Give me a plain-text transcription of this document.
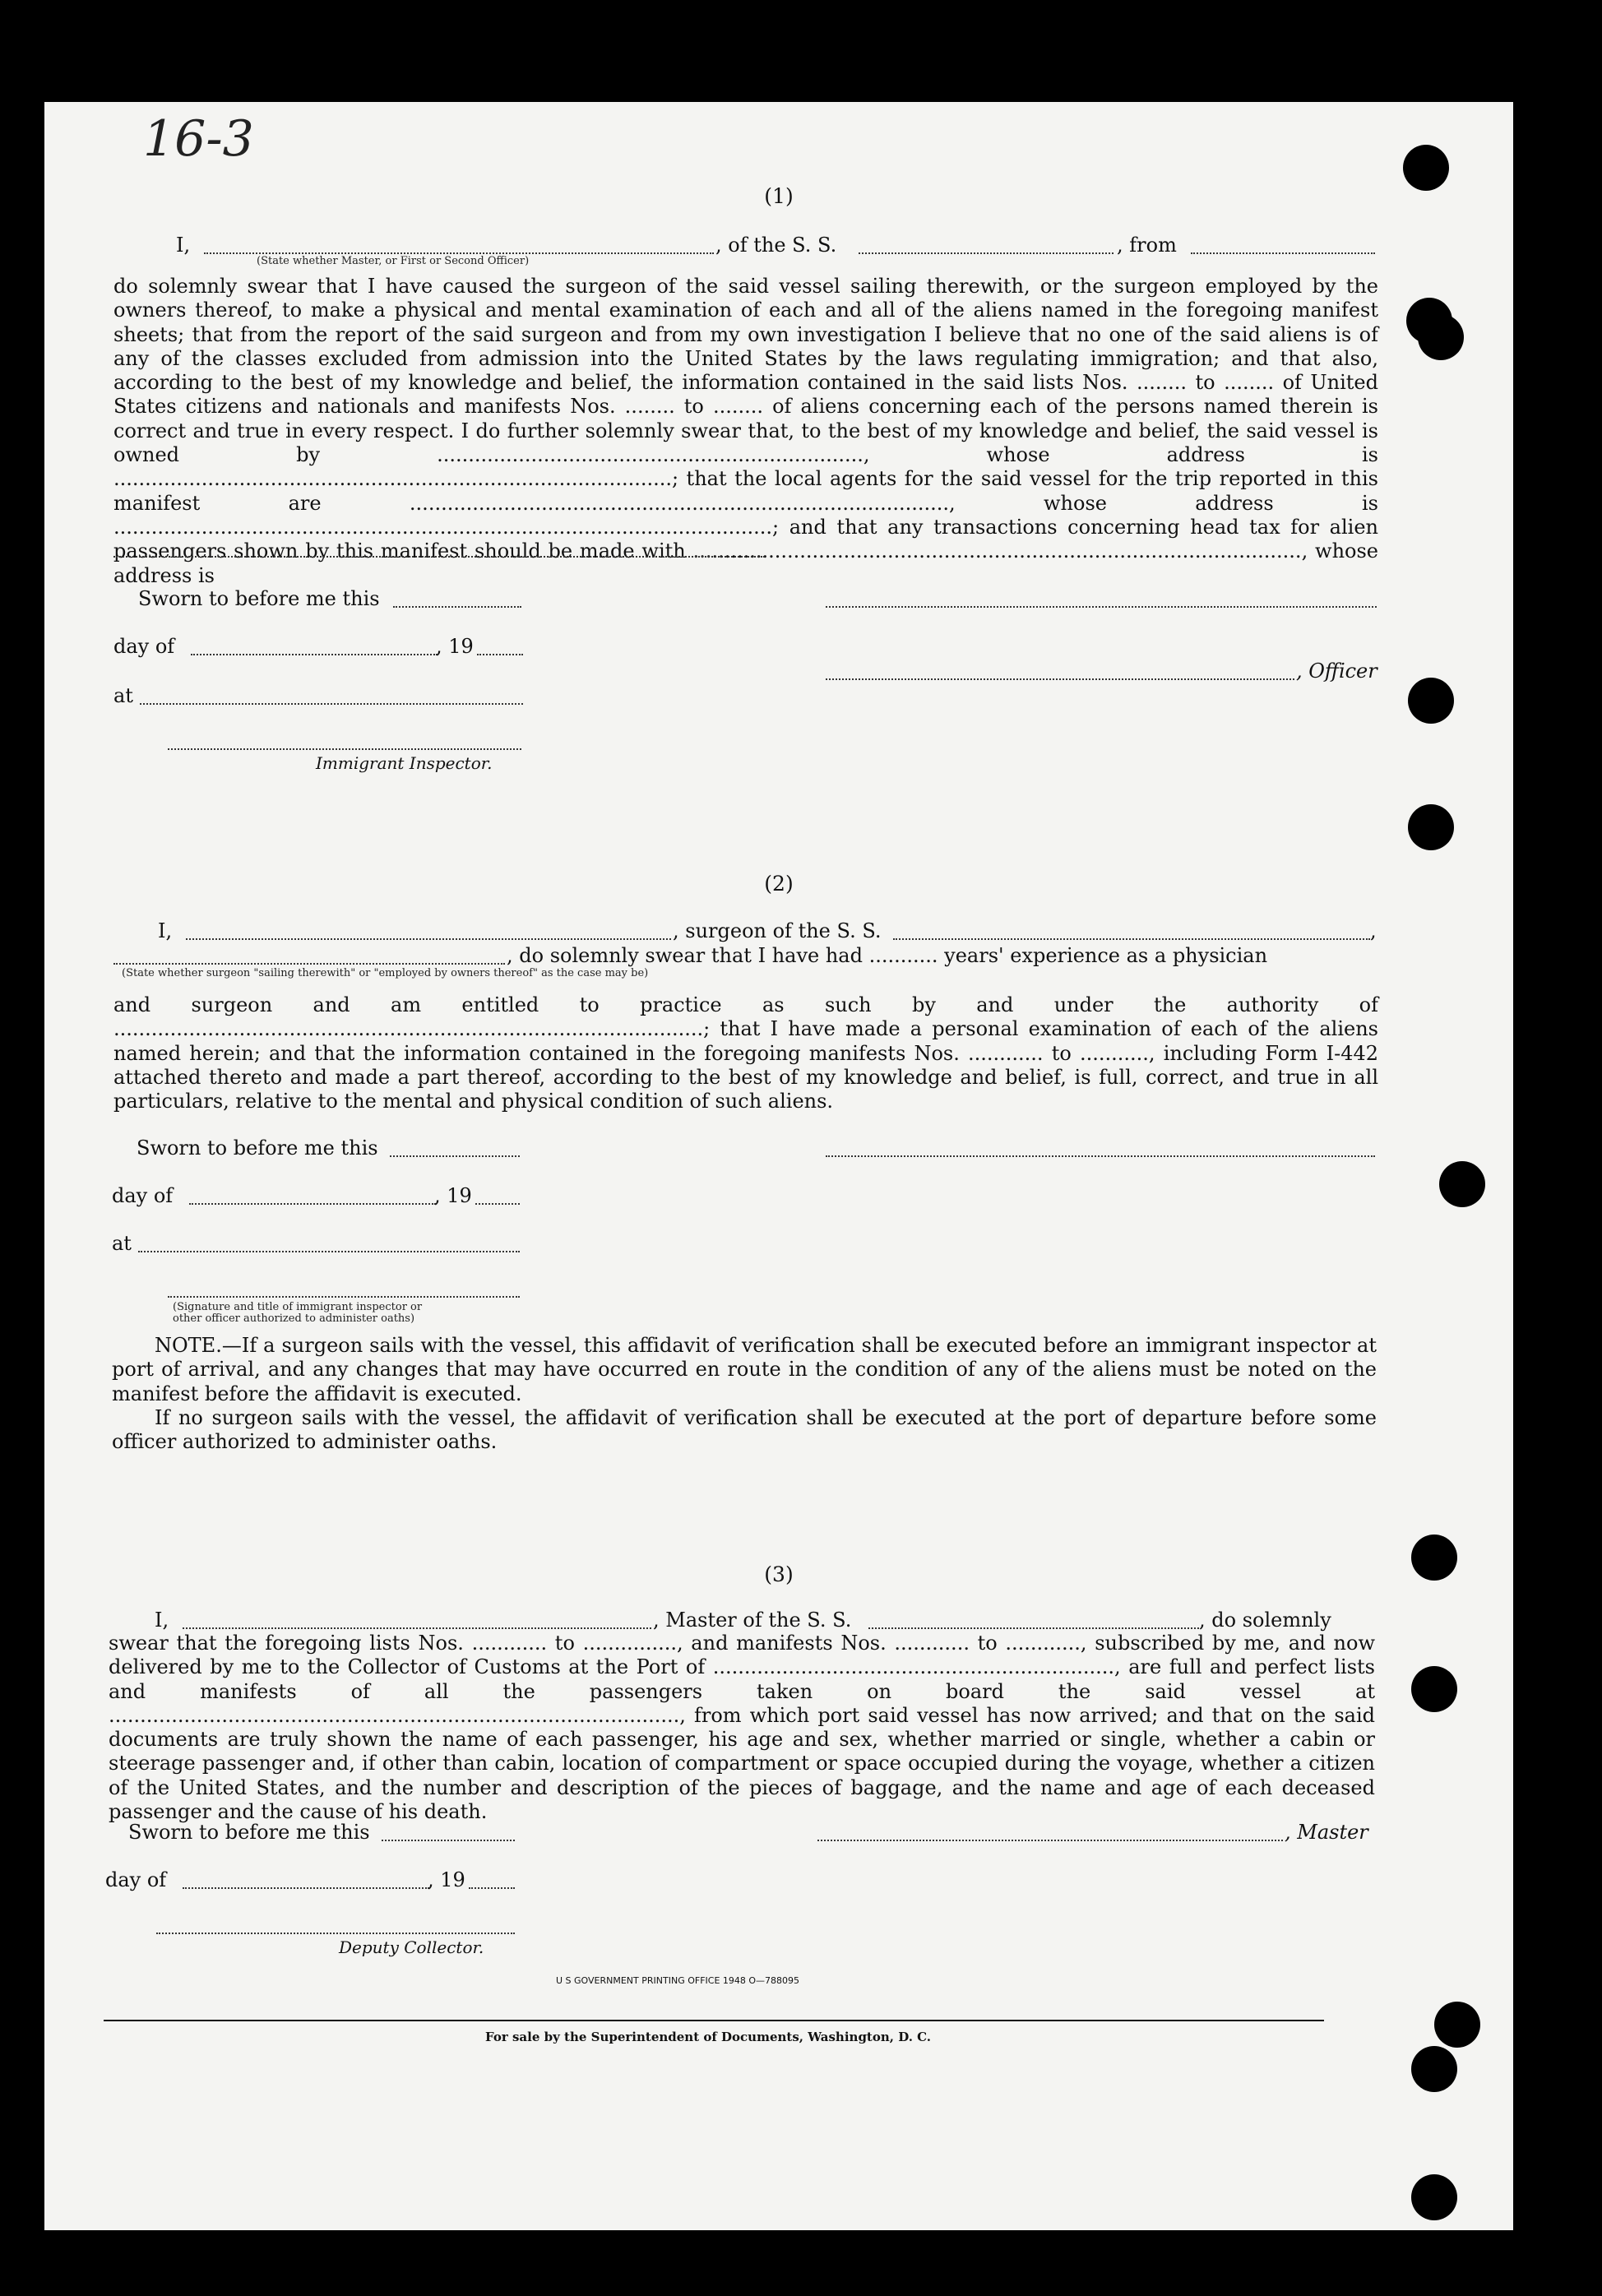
16-3
(1)
I,	, of the S. S.	, from
(State whether Master, or First or Second Officer)
do solemnly swear that I have caused the surgeon of the said vessel sailing therewith, or the surgeon employed by the owners thereof, to make a physical and mental examination of each and all of the aliens named in the foregoing manifest sheets; that from the report of the said surgeon and from my own investigation I believe that no one of the said aliens is of any of the classes excluded from admission into the United States by the laws regulating immigration; and that also, according to the best of my knowledge and belief, the information contained in the said lists Nos. ........ to ........ of United States citizens and nationals and manifests Nos. ........ to ........ of aliens concerning each of the persons named therein is correct and true in every respect. I do further solemnly swear that, to the best of my knowledge and belief, the said vessel is owned by ...................................................................., whose address is .........................................................................................; that the local agents for the said vessel for the trip reported in this manifest are ......................................................................................, whose address is .........................................................................................................; and that any transactions concerning head tax for alien passengers shown by this manifest should be made with ................................................................................................., whose address is
Sworn to before me this
day of	, 19
at
, Officer
Immigrant Inspector.
(2)
I,	, surgeon of the S. S.	,
, do solemnly swear that I have had ........... years' experience as a physician
(State whether surgeon "sailing therewith" or "employed by owners thereof" as the case may be)
and surgeon and am entitled to practice as such by and under the authority of ..............................................................................................; that I have made a personal examination of each of the aliens named herein; and that the information contained in the foregoing manifests Nos. ............ to ..........., including Form I-442 attached thereto and made a part thereof, according to the best of my knowledge and belief, is full, correct, and true in all particulars, relative to the mental and physical condition of such aliens.
Sworn to before me this
day of	, 19
at
(Signature and title of immigrant inspector or
other officer authorized to administer oaths)
NOTE.—If a surgeon sails with the vessel, this affidavit of verification shall be executed before an immigrant inspector at port of arrival, and any changes that may have occurred en route in the condition of any of the aliens must be noted on the manifest before the affidavit is executed.
If no surgeon sails with the vessel, the affidavit of verification shall be executed at the port of departure before some officer authorized to administer oaths.
(3)
I,	, Master of the S. S.	, do solemnly
swear that the foregoing lists Nos. ............ to ..............., and manifests Nos. ............ to ............, subscribed by me, and now delivered by me to the Collector of Customs at the Port of ................................................................, are full and perfect lists and manifests of all the passengers taken on board the said vessel at ..........................................................................................., from which port said vessel has now arrived; and that on the said documents are truly shown the name of each passenger, his age and sex, whether married or single, whether a cabin or steerage passenger and, if other than cabin, location of compartment or space occupied during the voyage, whether a citizen of the United States, and the number and description of the pieces of baggage, and the name and age of each deceased passenger and the cause of his death.
Sworn to before me this	, Master
day of	, 19
Deputy Collector.
U S GOVERNMENT PRINTING OFFICE 1948 O—788095
For sale by the Superintendent of Documents, Washington, D. C.
